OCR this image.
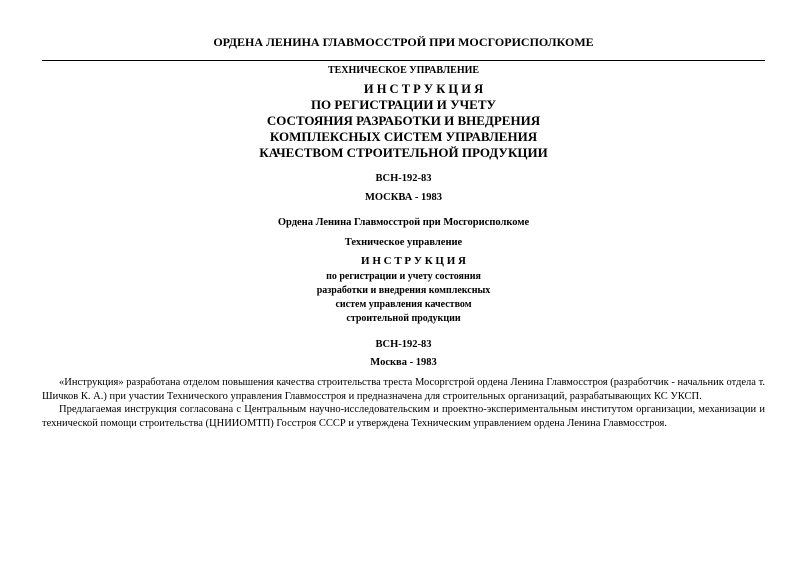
ОРДЕНА ЛЕНИНА ГЛАВМОССТРОЙ ПРИ МОСГОРИСПОЛКОМЕ
ТЕХНИЧЕСКОЕ УПРАВЛЕНИЕ
И Н С Т Р У К Ц И Я
ПО РЕГИСТРАЦИИ И УЧЕТУ
СОСТОЯНИЯ РАЗРАБОТКИ И ВНЕДРЕНИЯ
КОМПЛЕКСНЫХ СИСТЕМ УПРАВЛЕНИЯ
КАЧЕСТВОМ СТРОИТЕЛЬНОЙ ПРОДУКЦИИ
ВСН-192-83
МОСКВА - 1983
Ордена Ленина Главмосстрой при Мосгорисполкоме
Техническое управление
И Н С Т Р У К Ц И Я
по регистрации и учету состояния
разработки и внедрения комплексных
систем управления качеством
строительной продукции
ВСН-192-83
Москва - 1983

«Инструкция» разработана отделом повышения качества строительства треста Мосоргстрой ордена Ленина Главмосстроя (разработчик - начальник отдела т. Шичков К. А.) при участии Технического управления Главмосстроя и предназначена для строительных организаций, разрабатывающих КС УКСП.

Предлагаемая инструкция согласована с Центральным научно-исследовательским и проектно-экспериментальным институтом организации, механизации и технической помощи строительства (ЦНИИОМТП) Госстроя СССР и утверждена Техническим управлением ордена Ленина Главмосстроя.
